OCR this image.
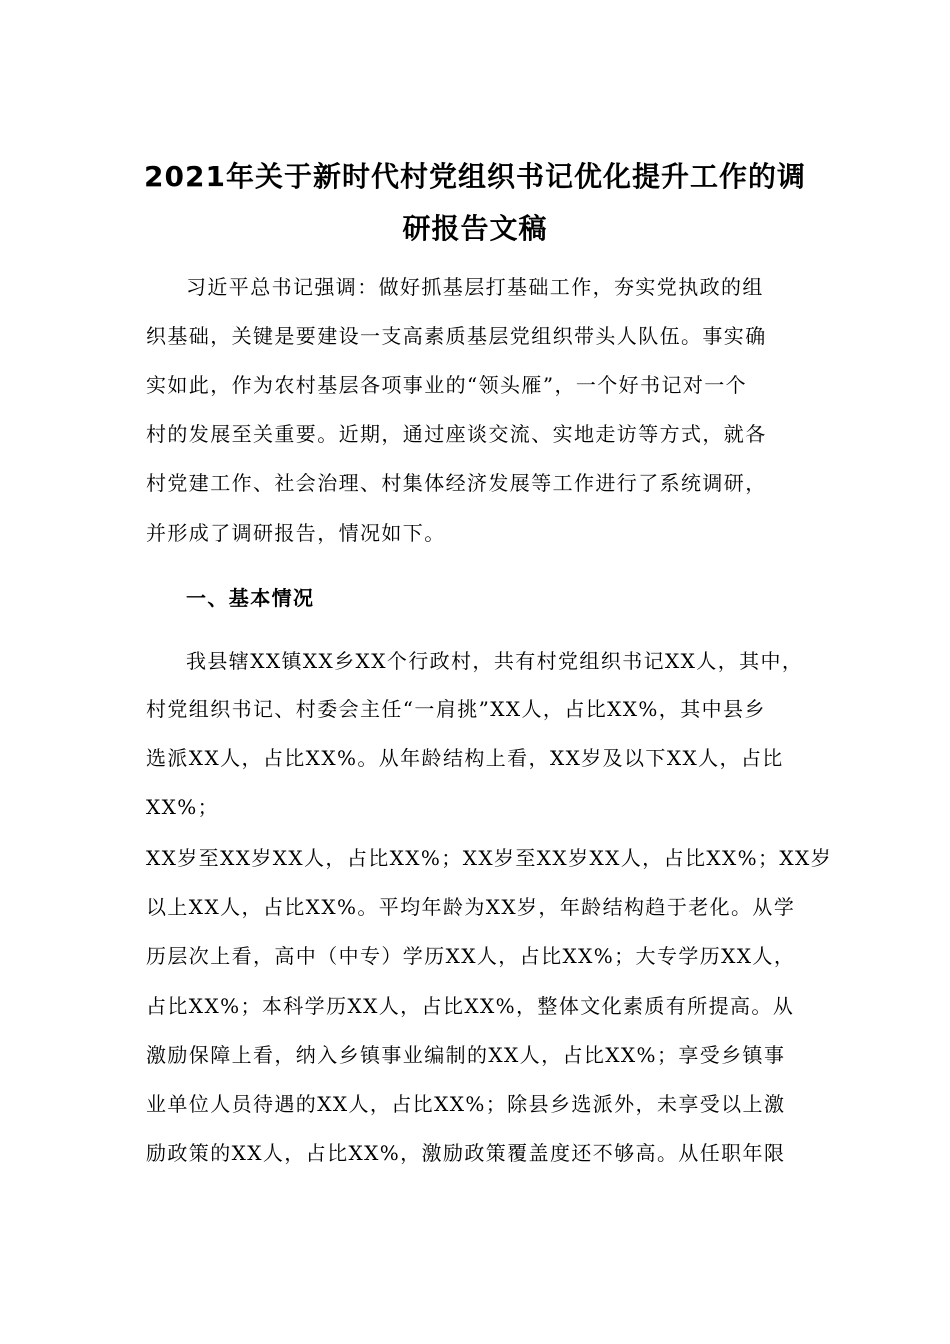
2021年关于新时代村党组织书记优化提升工作的调
研报告文稿
习近平总书记强调：做好抓基层打基础工作，夯实党执政的组
织基础，关键是要建设一支高素质基层党组织带头人队伍。事实确
实如此，作为农村基层各项事业的“领头雁”，一个好书记对一个
村的发展至关重要。近期，通过座谈交流、实地走访等方式，就各
村党建工作、社会治理、村集体经济发展等工作进行了系统调研，
并形成了调研报告，情况如下。
一、基本情况
我县辖XX镇XX乡XX个行政村，共有村党组织书记XX人，其中，
村党组织书记、村委会主任“一肩挑”XX人，占比XX%，其中县乡
选派XX人，占比XX%。从年龄结构上看，XX岁及以下XX人，占比
XX%；
XX岁至XX岁XX人，占比XX%；XX岁至XX岁XX人，占比XX%；XX岁
以上XX人，占比XX%。平均年龄为XX岁，年龄结构趋于老化。从学
历层次上看，高中（中专）学历XX人，占比XX%；大专学历XX人，
占比XX%；本科学历XX人，占比XX%，整体文化素质有所提高。从
激励保障上看，纳入乡镇事业编制的XX人，占比XX%；享受乡镇事
业单位人员待遇的XX人，占比XX%；除县乡选派外，未享受以上激
励政策的XX人，占比XX%，激励政策覆盖度还不够高。从任职年限
